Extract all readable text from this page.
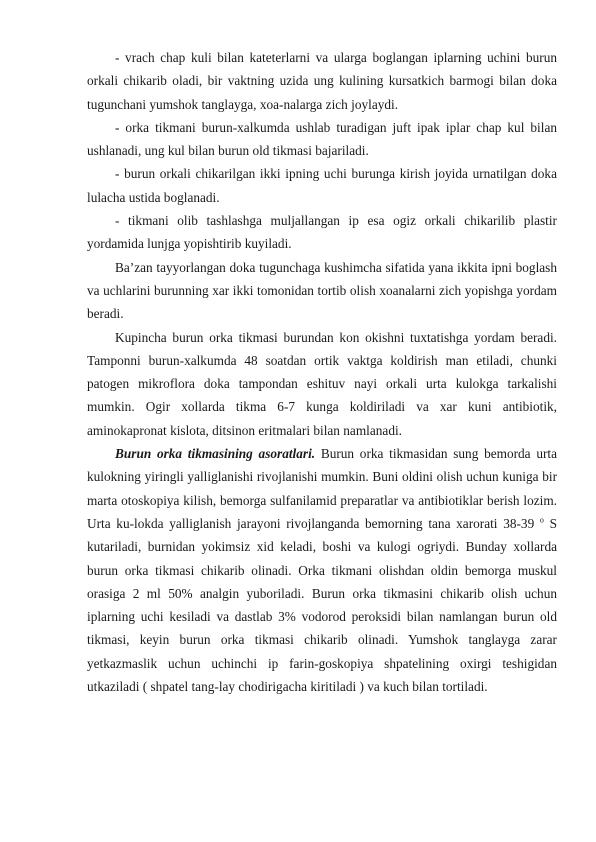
- vrach chap kuli bilan kateterlarni va ularga boglangan iplarning uchini burun orkali chikarib oladi, bir vaktning uzida ung kulining kursatkich barmogi bilan doka tugunchani yumshok tanglayga, xoa-nalarga zich joylaydi.

- orka tikmani burun-xalkumda ushlab turadigan juft ipak iplar chap kul bilan ushlanadi, ung kul bilan burun old tikmasi bajariladi.

- burun orkali chikarilgan ikki ipning uchi burunga kirish joyida urnatilgan doka lulacha ustida boglanadi.

- tikmani olib tashlashga muljallangan ip esa ogiz orkali chikarilib plastir yordamida lunjga yopishtirib kuyiladi.

Ba’zan tayyorlangan doka tugunchaga kushimcha sifatida yana ikkita ipni boglash va uchlarini burunning xar ikki tomonidan tortib olish xoanalarni zich yopishga yordam beradi.

Kupincha burun orka tikmasi burundan kon okishni tuxtatishga yordam beradi. Tamponni burun-xalkumda 48 soatdan ortik vaktga koldirish man etiladi, chunki patogen mikroflora doka tampondan eshituv nayi orkali urta kulokga tarkalishi mumkin. Ogir xollarda tikma 6-7 kunga koldiriladi va xar kuni antibiotik, aminokapronat kislota, ditsinon eritmalari bilan namlanadi.

Burun orka tikmasining asoratlari. Burun orka tikmasidan sung bemorda urta kulokning yiringli yalliglanishi rivojlanishi mumkin. Buni oldini olish uchun kuniga bir marta otoskopiya kilish, bemorga sulfanilamid preparatlar va antibiotiklar berish lozim. Urta ku-lokda yalliglanish jarayoni rivojlanganda bemorning tana xarorati 38-39 $^o$ S kutariladi, burnidan yokimsiz xid keladi, boshi va kulogi ogriydi. Bunday xollarda burun orka tikmasi chikarib olinadi. Orka tikmani olishdan oldin bemorga muskul orasiga 2 ml 50% analgin yuboriladi. Burun orka tikmasini chikarib olish uchun iplarning uchi kesiladi va dastlab 3% vodorod peroksidi bilan namlangan burun old tikmasi, keyin burun orka tikmasi chikarib olinadi. Yumshok tanglayga zarar yetkazmaslik uchun uchinchi ip farin-goskopiya shpatelining oxirgi teshigidan utkaziladi ( shpatel tang-lay chodirigacha kiritiladi ) va kuch bilan tortiladi.
